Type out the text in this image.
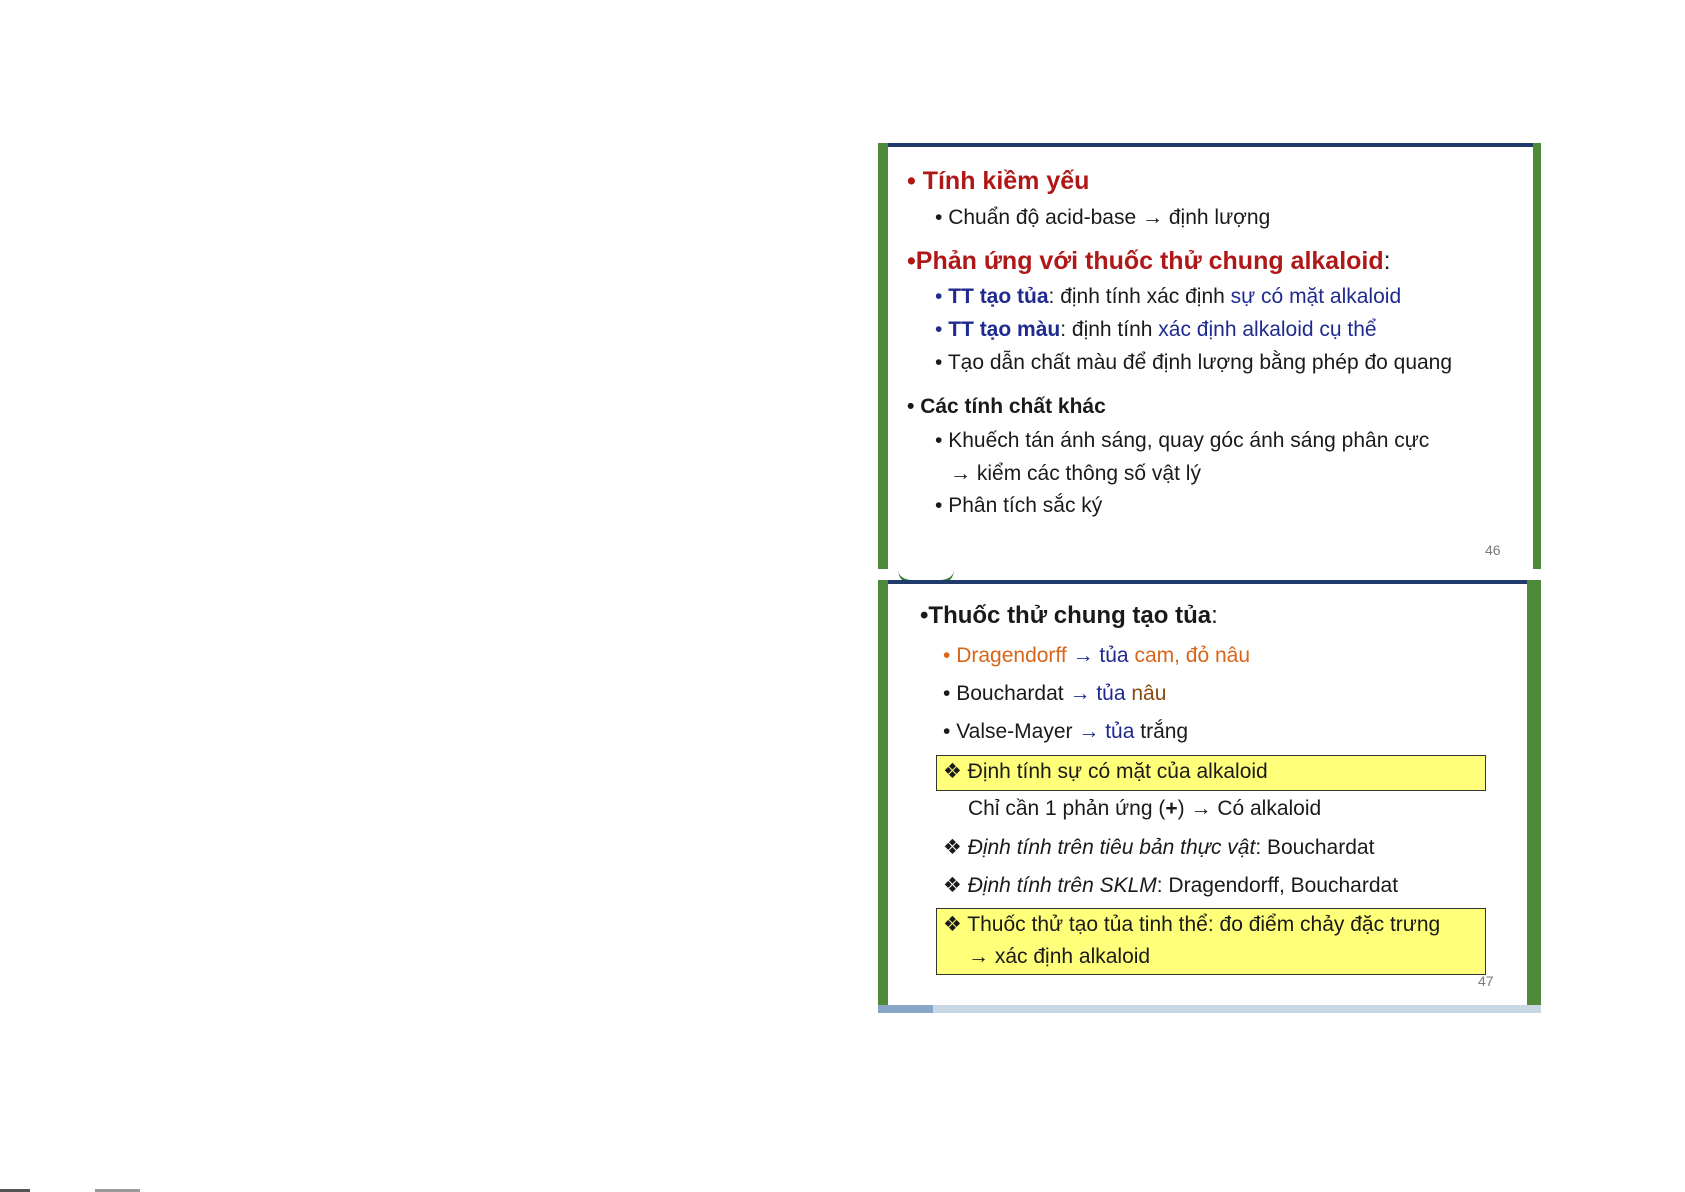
• Tính kiềm yếu
• Chuẩn độ acid-base → định lượng
•Phản ứng với thuốc thử chung alkaloid:
• TT tạo tủa: định tính xác định sự có mặt alkaloid
• TT tạo màu: định tính xác định alkaloid cụ thể
• Tạo dẫn chất màu để định lượng bằng phép đo quang
• Các tính chất khác
• Khuếch tán ánh sáng, quay góc ánh sáng phân cực
→ kiểm các thông số vật lý
• Phân tích sắc ký
46
•Thuốc thử chung tạo tủa:
• Dragendorff → tủa cam, đỏ nâu
• Bouchardat → tủa nâu
• Valse-Mayer → tủa trắng
❖ Định tính sự có mặt của alkaloid
Chỉ cần 1 phản ứng (+) → Có alkaloid
❖ Định tính trên tiêu bản thực vật: Bouchardat
❖ Định tính trên SKLM: Dragendorff, Bouchardat
❖ Thuốc thử tạo tủa tinh thể: đo điểm chảy đặc trưng
→ xác định alkaloid
47
